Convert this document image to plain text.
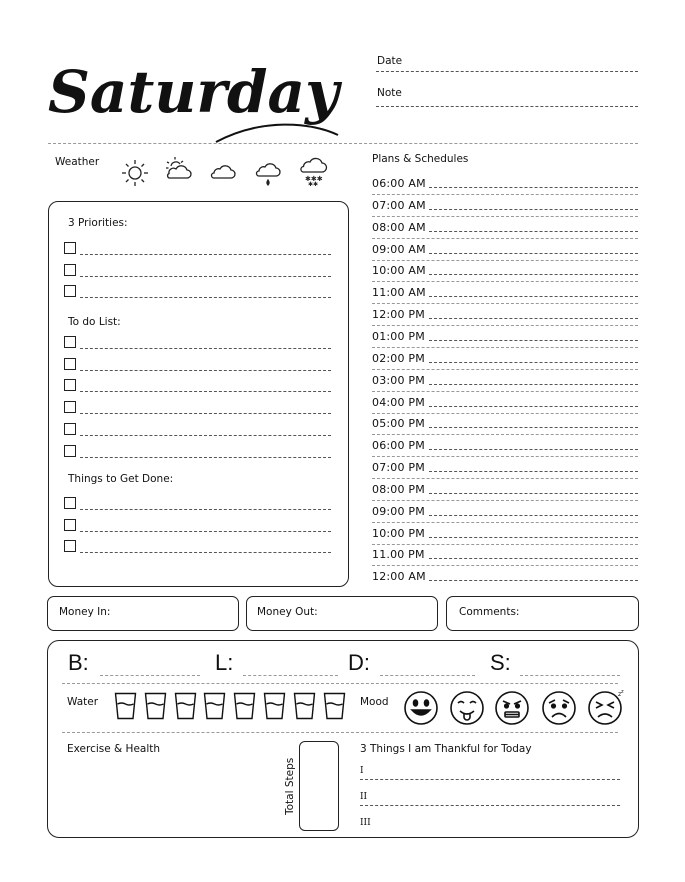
Saturday	Date
Note
Weather
✱✱✱
✱✱
3 Priorities:
To do List:
Things to Get Done:
Plans & Schedules
06:00 AM
07:00 AM
08:00 AM
09:00 AM
10:00 AM
11:00 AM
12:00 PM
01:00 PM
02:00 PM
03:00 PM
04:00 PM
05:00 PM
06:00 PM
07:00 PM
08:00 PM
09:00 PM
10:00 PM
11.00 PM
12:00 AM
Money In:	Money Out:	Comments:
B:	L:	D:	S:
Water	Mood
z z
Exercise & Health
Total Steps
3 Things I am Thankful for Today
I
II
III
